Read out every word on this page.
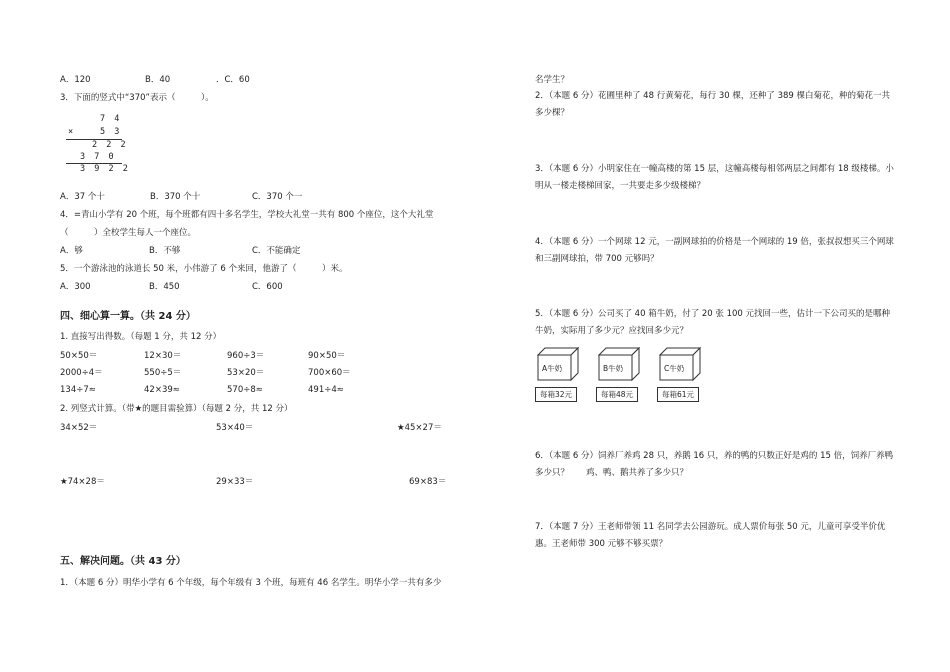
A．120	B．40	．C．60
3．下面的竖式中“370”表示（　　　）。
7 4
×	5 3
2 2 2
3 7 0
3 9 2 2
A．37 个十	B．370 个十	C．370 个一
4．=青山小学有 20 个班，每个班都有四十多名学生，学校大礼堂一共有 800 个座位，这个大礼堂
（　　　）全校学生每人一个座位。
A．够	B．不够	C．不能确定
5．一个游泳池的泳道长 50 米，小伟游了 6 个来回，他游了（　　　）米。
A．300	B．450	C．600
四、细心算一算。（共 24 分）
1. 直接写出得数。（每题 1 分，共 12 分）
50×50＝	12×30＝	960÷3＝	90×50＝
2000÷4＝	550÷5＝	53×20＝	700×60＝
134÷7≈	42×39≈	570÷8≈	491÷4≈
2. 列竖式计算。（带★的题目需验算）（每题 2 分，共 12 分）
34×52＝	53×40＝	★45×27＝
★74×28＝	29×33＝	69×83＝
五、解决问题。（共 43 分）
1．（本题 6 分）明华小学有 6 个年级，每个年级有 3 个班，每班有 46 名学生。明华小学一共有多少
名学生？
2．（本题 6 分）花圃里种了 48 行黄菊花，每行 30 棵，还种了 389 棵白菊花，种的菊花一共多少棵？
3．（本题 6 分）小明家住在一幢高楼的第 15 层，这幢高楼每相邻两层之间都有 18 级楼梯。小明从一楼走楼梯回家，一共要走多少级楼梯？
4．（本题 6 分）一个网球 12 元，一副网球拍的价格是一个网球的 19 倍，张叔叔想买三个网球和三副网球拍，带 700 元够吗？
5．（本题 6 分）公司买了 40 箱牛奶，付了 20 张 100 元找回一些，估计一下公司买的是哪种牛奶，实际用了多少元？应找回多少元？
A牛奶
每箱32元
B牛奶
每箱48元
C牛奶
每箱61元
6．（本题 6 分）饲养厂养鸡 28 只，养鹅 16 只，养的鸭的只数正好是鸡的 15 倍，饲养厂养鸭多少只？　　鸡、鸭、鹅共养了多少只？
7．（本题 7 分）王老师带领 11 名同学去公园游玩。成人票价每张 50 元，儿童可享受半价优惠。王老师带 300 元够不够买票？
